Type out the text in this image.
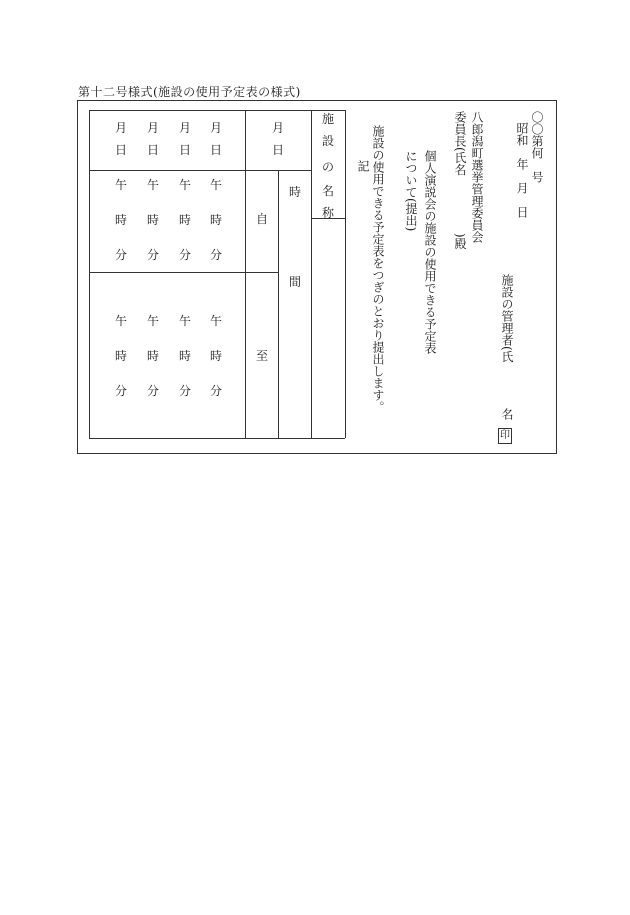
第十二号様式(施設の使用予定表の様式)
〇〇第何　号
昭和　年　月　日
施設の管理者(氏
名
印
八郎潟町選挙管理委員会
委員長(氏名
)殿
個人演説会の施設の使用できる予定表
について(提出)
施設の使用できる予定表をつぎのとおり提出します。
記
施
設
の
名
称
時
間
自
至
月
日
午
時
分
午
時
分
月
日
午
時
分
午
時
分
月
日
午
時
分
午
時
分
月
日
午
時
分
午
時
分
月
日
